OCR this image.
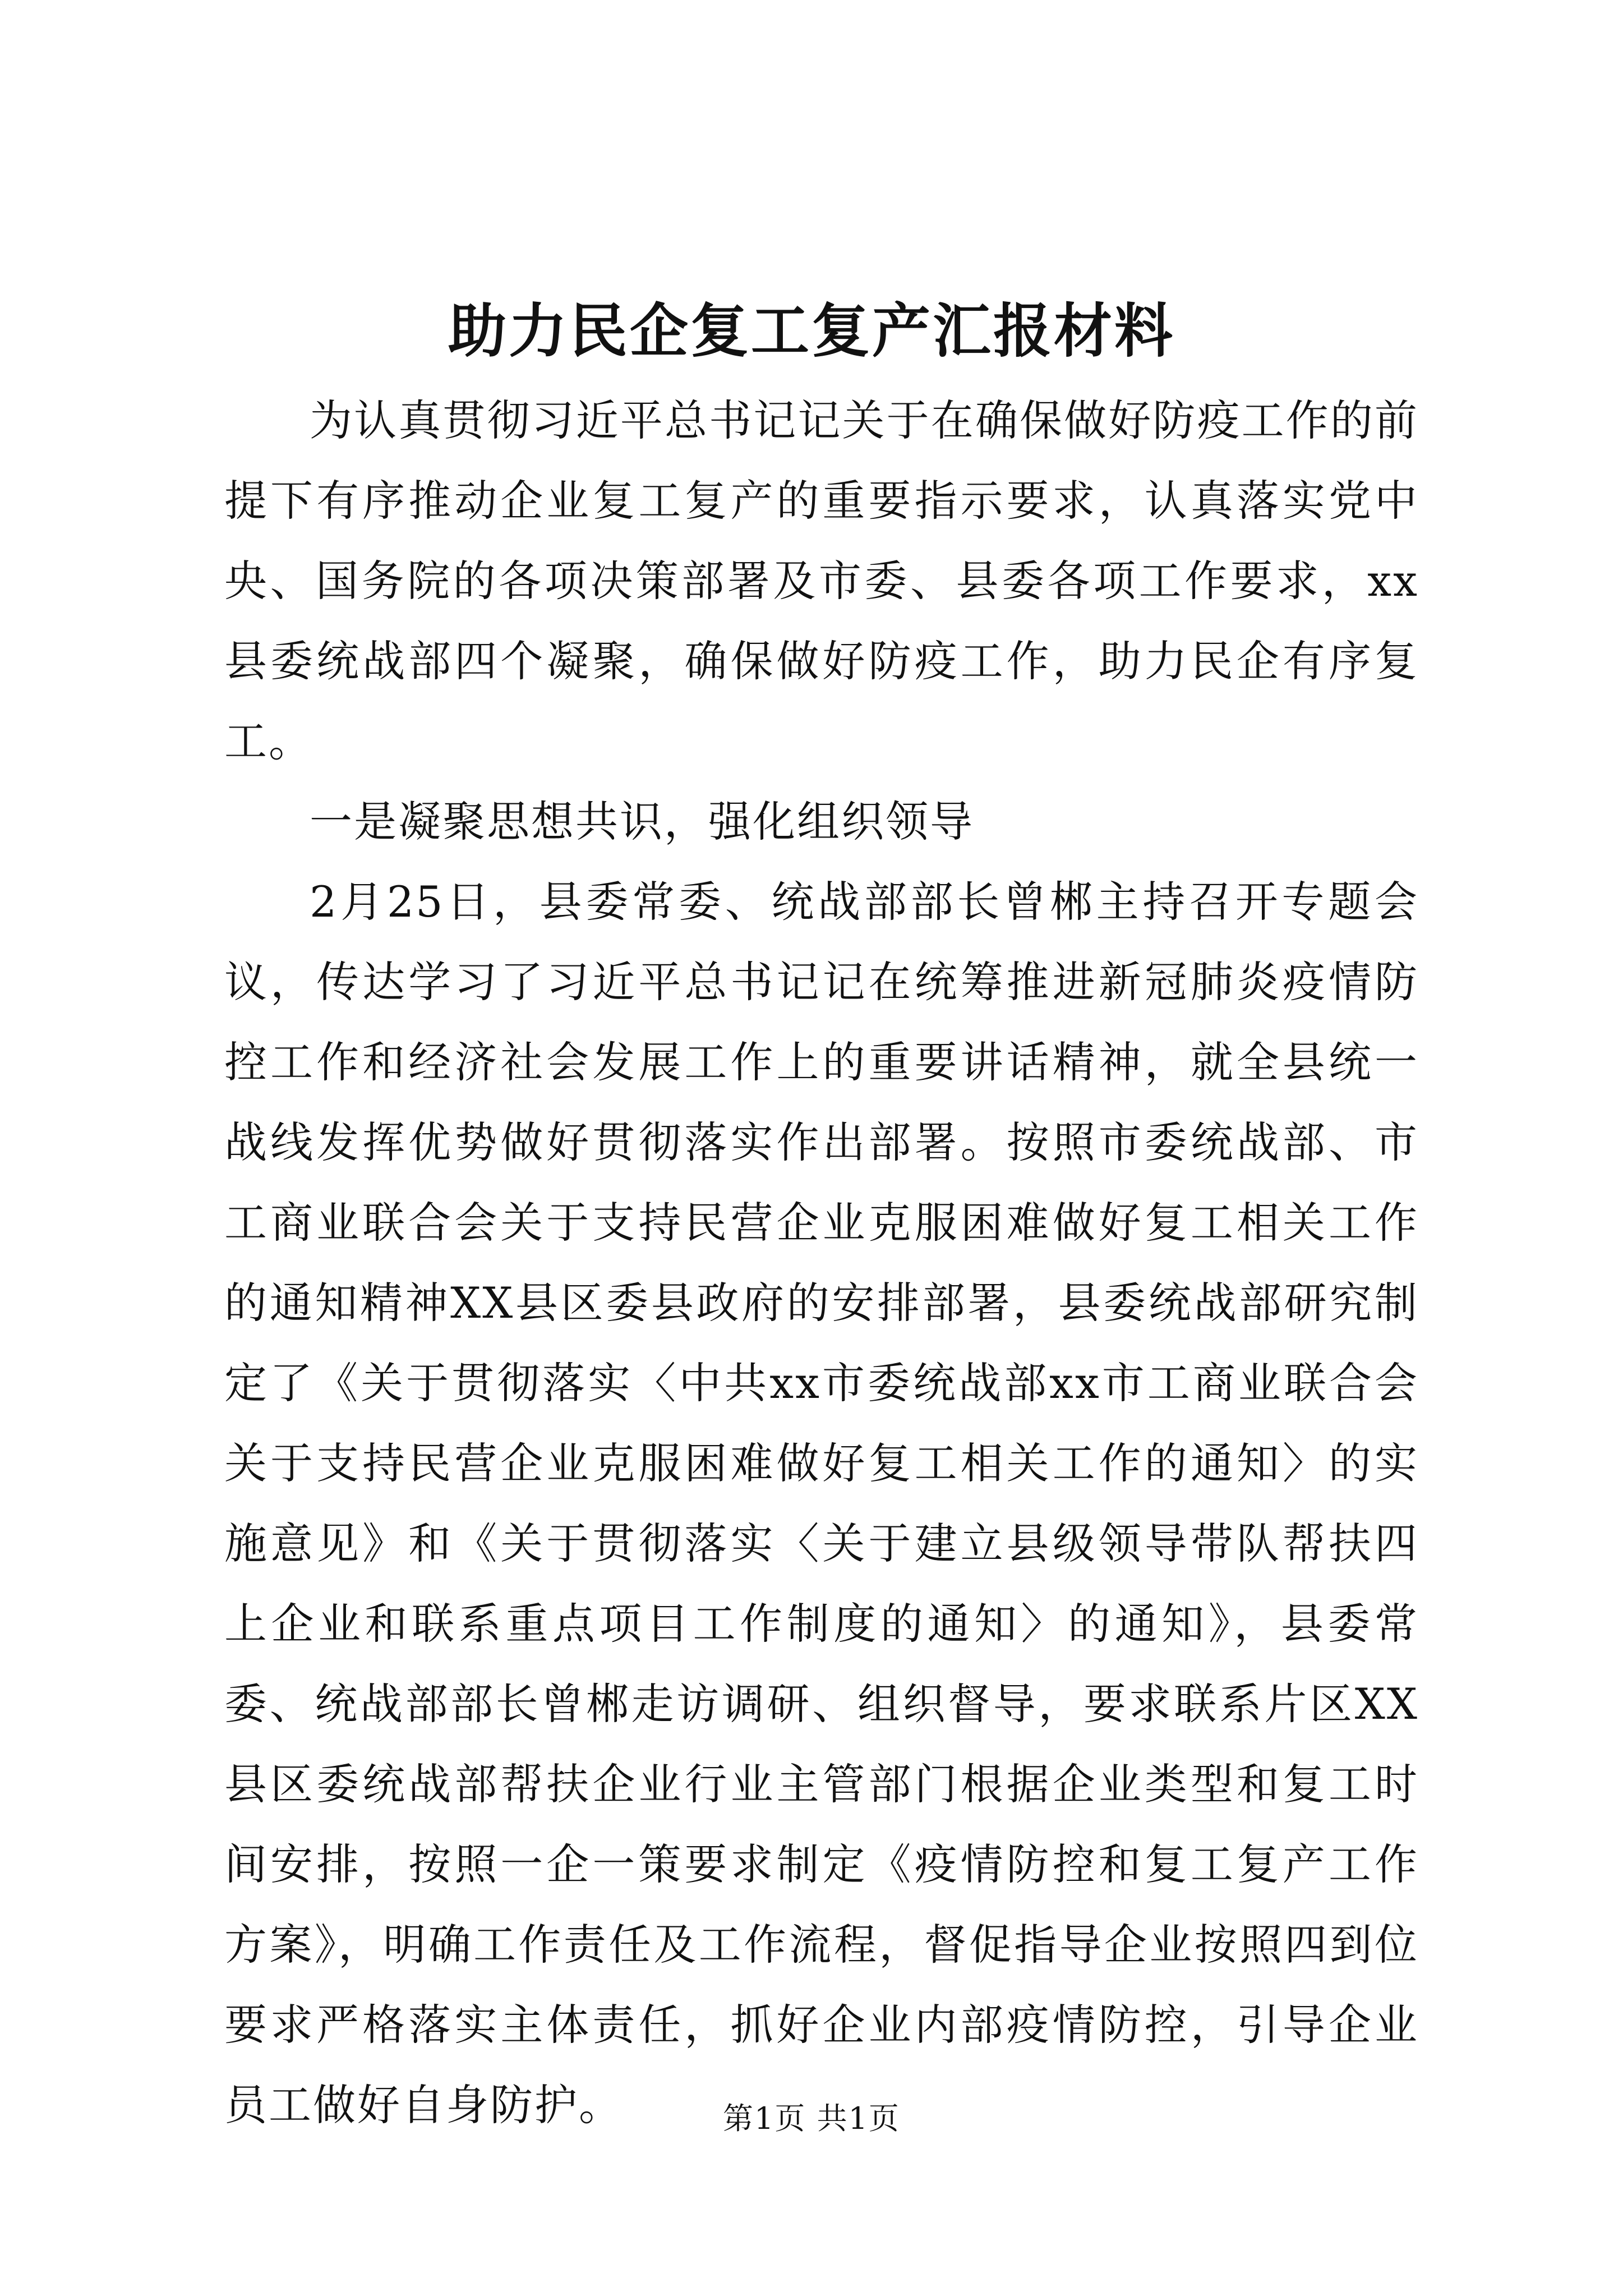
助力民企复工复产汇报材料

为认真贯彻习近平总书记记关于在确保做好防疫工作的前提下有序推动企业复工复产的重要指示要求，认真落实党中央、国务院的各项决策部署及市委、县委各项工作要求，xx县委统战部四个凝聚，确保做好防疫工作，助力民企有序复工。

一是凝聚思想共识，强化组织领导

2月25日，县委常委、统战部部长曾郴主持召开专题会议，传达学习了习近平总书记记在统筹推进新冠肺炎疫情防控工作和经济社会发展工作上的重要讲话精神，就全县统一战线发挥优势做好贯彻落实作出部署。按照市委统战部、市工商业联合会关于支持民营企业克服困难做好复工相关工作的通知精神XX县区委县政府的安排部署，县委统战部研究制定了《关于贯彻落实〈中共xx市委统战部xx市工商业联合会关于支持民营企业克服困难做好复工相关工作的通知〉的实施意见》和《关于贯彻落实〈关于建立县级领导带队帮扶四上企业和联系重点项目工作制度的通知〉的通知》，县委常委、统战部部长曾郴走访调研、组织督导，要求联系片区XX县区委统战部帮扶企业行业主管部门根据企业类型和复工时间安排，按照一企一策要求制定《疫情防控和复工复产工作方案》，明确工作责任及工作流程，督促指导企业按照四到位要求严格落实主体责任，抓好企业内部疫情防控，引导企业员工做好自身防护。	第1页 共1页
